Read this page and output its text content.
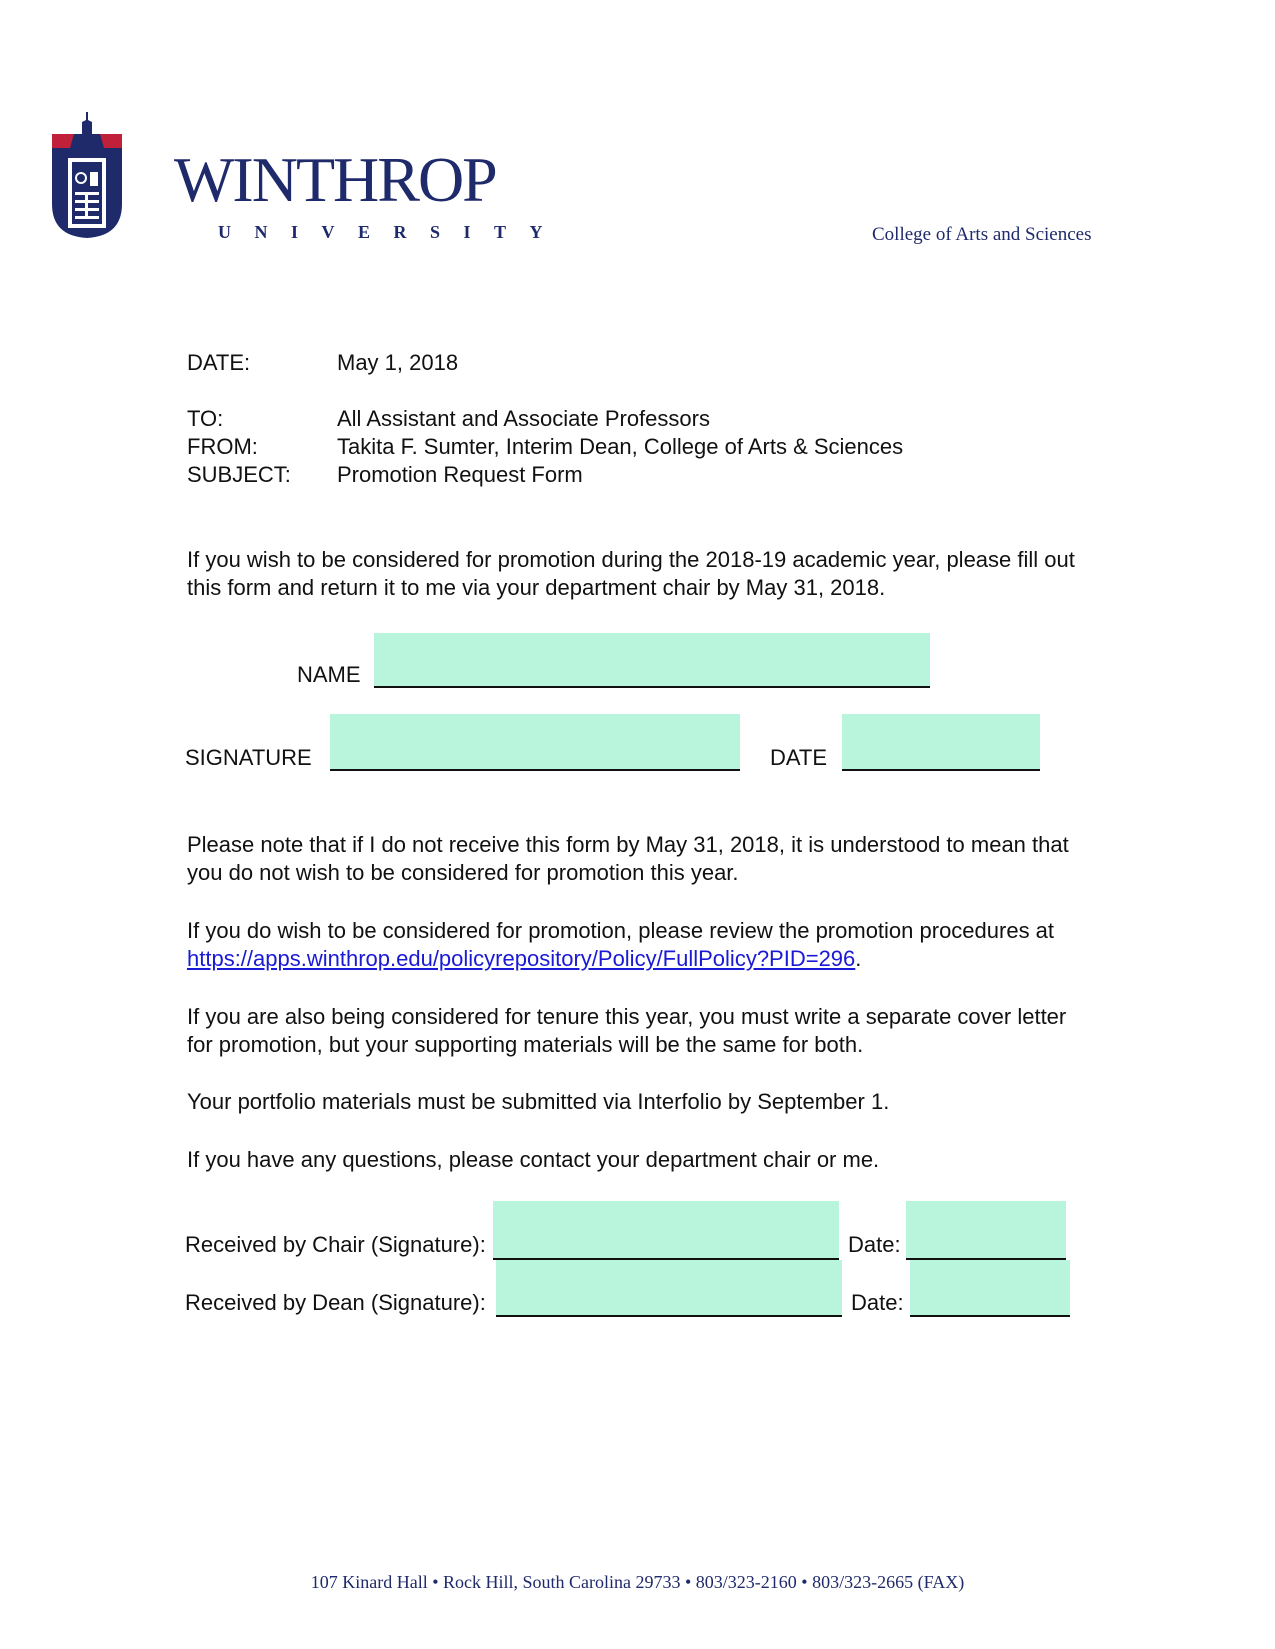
WINTHROP
UNIVERSITY	College of Arts and Sciences
DATE:	May 1, 2018
TO:	All Assistant and Associate Professors
FROM:	Takita F. Sumter, Interim Dean, College of Arts & Sciences
SUBJECT: Promotion Request Form
If you wish to be considered for promotion during the 2018-19 academic year, please fill out this form and return it to me via your department chair by May 31, 2018.
NAME
SIGNATURE	DATE
Please note that if I do not receive this form by May 31, 2018, it is understood to mean that you do not wish to be considered for promotion this year.
If you do wish to be considered for promotion, please review the promotion procedures at https://apps.winthrop.edu/policyrepository/Policy/FullPolicy?PID=296.
If you are also being considered for tenure this year, you must write a separate cover letter for promotion, but your supporting materials will be the same for both.
Your portfolio materials must be submitted via Interfolio by September 1.
If you have any questions, please contact your department chair or me.
Received by Chair (Signature):	Date:
Received by Dean (Signature):	Date:
107 Kinard Hall • Rock Hill, South Carolina 29733 • 803/323-2160 • 803/323-2665 (FAX)
